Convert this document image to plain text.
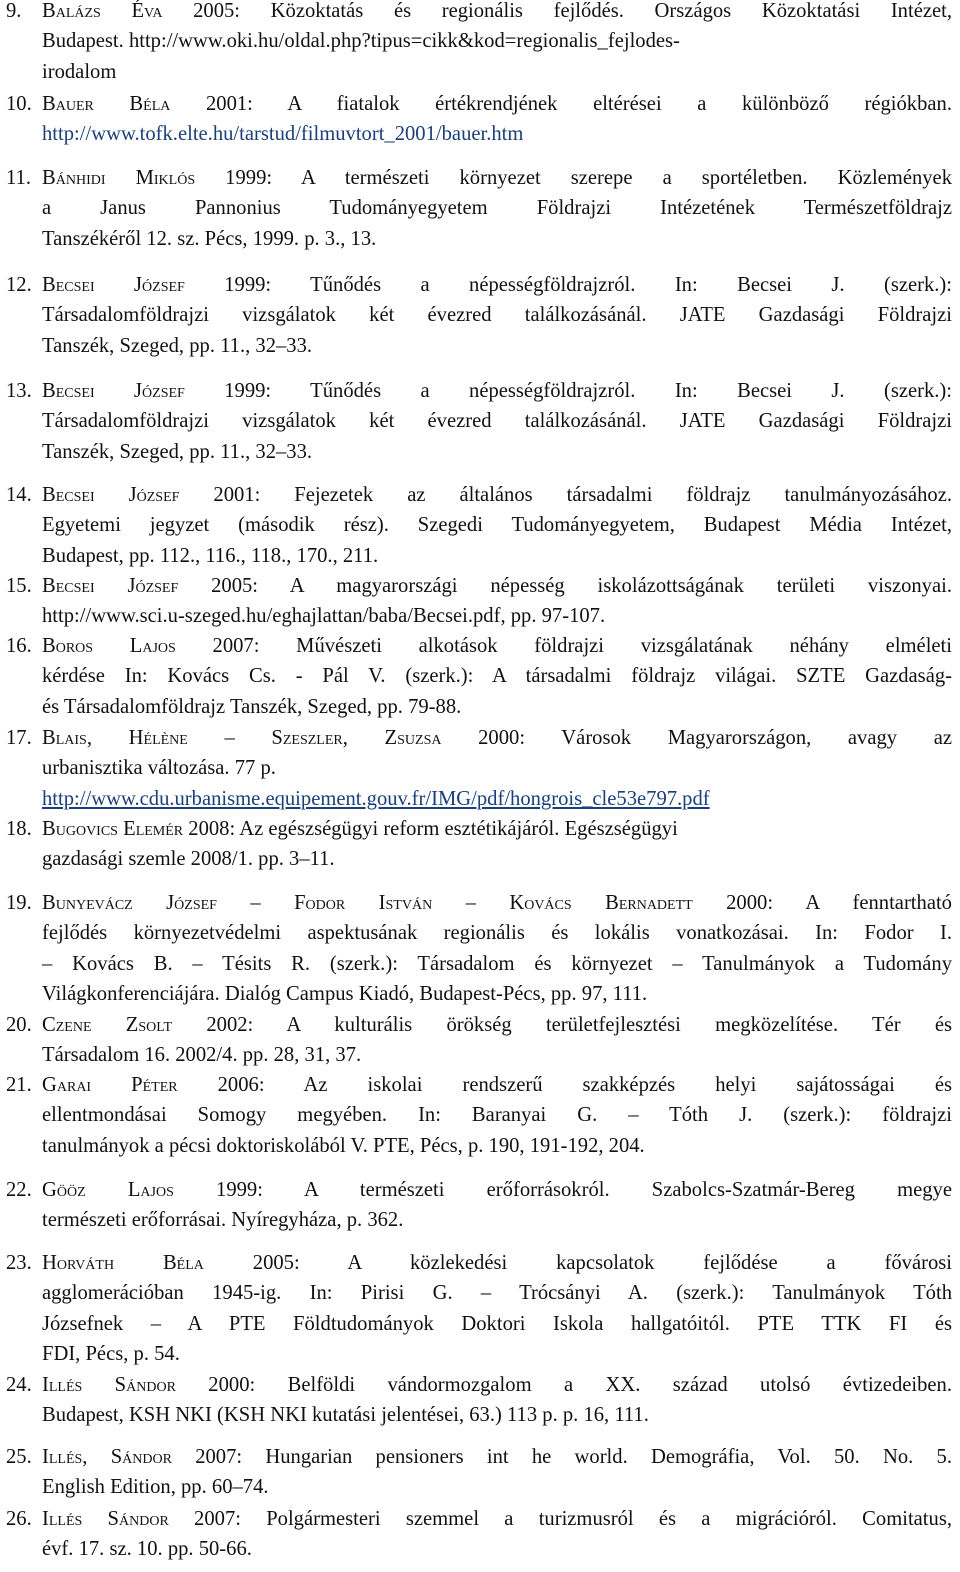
9. Balázs Éva 2005: Közoktatás és regionális fejlődés. Országos Közoktatási Intézet,
Budapest. http://www.oki.hu/oldal.php?tipus=cikk&kod=regionalis_fejlodes-
irodalom
10. Bauer Béla 2001: A fiatalok értékrendjének eltérései a különböző régiókban.
http://www.tofk.elte.hu/tarstud/filmuvtort_2001/bauer.htm
11. Bánhidi Miklós 1999: A természeti környezet szerepe a sportéletben. Közlemények
a Janus Pannonius Tudományegyetem Földrajzi Intézetének Természetföldrajz
Tanszékéről 12. sz. Pécs, 1999. p. 3., 13.
12. Becsei József 1999: Tűnődés a népességföldrajzról. In: Becsei J. (szerk.):
Társadalomföldrajzi vizsgálatok két évezred találkozásánál. JATE Gazdasági Földrajzi
Tanszék, Szeged, pp. 11., 32–33.
13. Becsei József 1999: Tűnődés a népességföldrajzról. In: Becsei J. (szerk.):
Társadalomföldrajzi vizsgálatok két évezred találkozásánál. JATE Gazdasági Földrajzi
Tanszék, Szeged, pp. 11., 32–33.
14. Becsei József 2001: Fejezetek az általános társadalmi földrajz tanulmányozásához.
Egyetemi jegyzet (második rész). Szegedi Tudományegyetem, Budapest Média Intézet,
Budapest, pp. 112., 116., 118., 170., 211.
15. Becsei József 2005: A magyarországi népesség iskolázottságának területi viszonyai.
http://www.sci.u-szeged.hu/eghajlattan/baba/Becsei.pdf, pp. 97-107.
16. Boros Lajos 2007: Művészeti alkotások földrajzi vizsgálatának néhány elméleti
kérdése In: Kovács Cs. - Pál V. (szerk.): A társadalmi földrajz világai. SZTE Gazdaság-
és Társadalomföldrajz Tanszék, Szeged, pp. 79-88.
17. Blais, Hélène – Szeszler, Zsuzsa 2000: Városok Magyarországon, avagy az
urbanisztika változása. 77 p.
http://www.cdu.urbanisme.equipement.gouv.fr/IMG/pdf/hongrois_cle53e797.pdf
18. Bugovics Elemér 2008: Az egészségügyi reform esztétikájáról. Egészségügyi
gazdasági szemle 2008/1. pp. 3–11.
19. Bunyevácz József – Fodor István – Kovács Bernadett 2000: A fenntartható
fejlődés környezetvédelmi aspektusának regionális és lokális vonatkozásai. In: Fodor I.
– Kovács B. – Tésits R. (szerk.): Társadalom és környezet – Tanulmányok a Tudomány
Világkonferenciájára. Dialóg Campus Kiadó, Budapest-Pécs, pp. 97, 111.
20. Czene Zsolt 2002: A kulturális örökség területfejlesztési megközelítése. Tér és
Társadalom 16. 2002/4. pp. 28, 31, 37.
21. Garai Péter 2006: Az iskolai rendszerű szakképzés helyi sajátosságai és
ellentmondásai Somogy megyében. In: Baranyai G. – Tóth J. (szerk.): földrajzi
tanulmányok a pécsi doktoriskolából V. PTE, Pécs, p. 190, 191-192, 204.
22. Gööz Lajos 1999: A természeti erőforrásokról. Szabolcs-Szatmár-Bereg megye
természeti erőforrásai. Nyíregyháza, p. 362.
23. Horváth Béla 2005: A közlekedési kapcsolatok fejlődése a fővárosi
agglomerációban 1945-ig. In: Pirisi G. – Trócsányi A. (szerk.): Tanulmányok Tóth
Józsefnek – A PTE Földtudományok Doktori Iskola hallgatóitól. PTE TTK FI és
FDI, Pécs, p. 54.
24. Illés Sándor 2000: Belföldi vándormozgalom a XX. század utolsó évtizedeiben.
Budapest, KSH NKI (KSH NKI kutatási jelentései, 63.) 113 p. p. 16, 111.
25. Illés, Sándor 2007: Hungarian pensioners int he world. Demográfia, Vol. 50. No. 5.
English Edition, pp. 60–74.
26. Illés Sándor 2007: Polgármesteri szemmel a turizmusról és a migrációról. Comitatus,
évf. 17. sz. 10. pp. 50-66.
